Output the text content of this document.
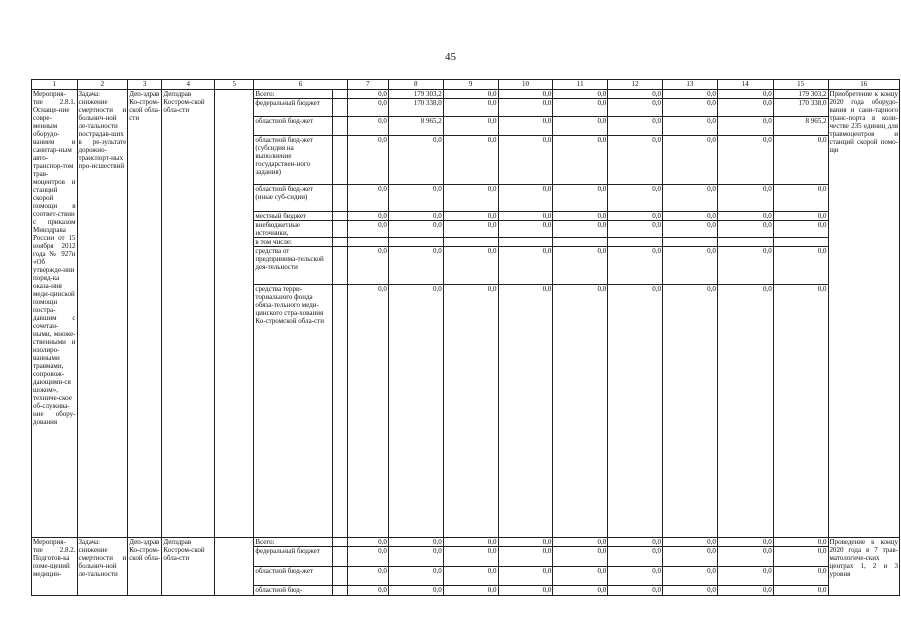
45
1	2	3	4	5	6		7	8	9	10	11	12	13	14	15	16
Мероприя-тие 2.8.1. Оснаще-ние совре-менным оборудо-ванием и санитар-ным авто-транспор-том трав-моцентров и станций скорой помощи в соответ-ствии с приказом Минздрава России от 15 ноября 2012 года № 927н «Об утвержде-нии поряд-ка оказа-ния меди-цинской помощи постра-давшим с сочетан-ными, множе-ственными и изолиро-ванными травмами, сопровож-дающими-ся шоком», техниче-ское об-служива-ние обору-дования	Задача: снижение смертности и больнич-ной ле-тальности пострадав-ших в ре-зультате дорожно-транспорт-ных про-исшествий	Деп-здрав Ко-стром-ской обла-сти	Депздрав Костром-ской обла-сти		Всего:		0,0	179 303,2	0,0	0,0	0,0	0,0	0,0	0,0	179 303,2	Приобретение к концу 2020 года оборудо-вания и сани-тарного транс-порта в коли-честве 235 единиц для травмоцентров и станций скорой помо-щи
					федеральный бюджет		0,0	170 338,0	0,0	0,0	0,0	0,0	0,0	0,0	170 338,0	
					областной бюд-жет		0,0	8 965,2	0,0	0,0	0,0	0,0	0,0	0,0	8 965,2	
					областной бюд-жет (субсидия на выполнение государствен-ного задания)		0,0	0,0	0,0	0,0	0,0	0,0	0,0	0,0	0,0	
					областной бюд-жет (иные суб-сидии)		0,0	0,0	0,0	0,0	0,0	0,0	0,0	0,0	0,0	
					местный бюджет		0,0	0,0	0,0	0,0	0,0	0,0	0,0	0,0	0,0	
					внебюджетные источники,		0,0	0,0	0,0	0,0	0,0	0,0	0,0	0,0	0,0	
					в том числе:											
					средства от предпринима-тельской дея-тельности		0,0	0,0	0,0	0,0	0,0	0,0	0,0	0,0	0,0	
					средства терри-ториального фонда обяза-тельного меди-цинского стра-хования Ко-стромской обла-сти		0,0	0,0	0,0	0,0	0,0	0,0	0,0	0,0	0,0	
Мероприя-тие 2.8.2. Подготов-ка поме-щений медицин-	Задача: снижение смертности и больнич-ной ле-тальности	Деп-здрав Ко-стром-ской обла-	Депздрав Костром-ской обла-сти		Всего:		0,0	0,0	0,0	0,0	0,0	0,0	0,0	0,0	0,0	Проведение к концу 2020 года в 7 трав-матологиче-ских центрах 1, 2 и 3 уровня
					федеральный бюджет		0,0	0,0	0,0	0,0	0,0	0,0	0,0	0,0	0,0	
					областной бюд-жет		0,0	0,0	0,0	0,0	0,0	0,0	0,0	0,0	0,0	
					областной бюд-		0,0	0,0	0,0	0,0	0,0	0,0	0,0	0,0	0,0	
